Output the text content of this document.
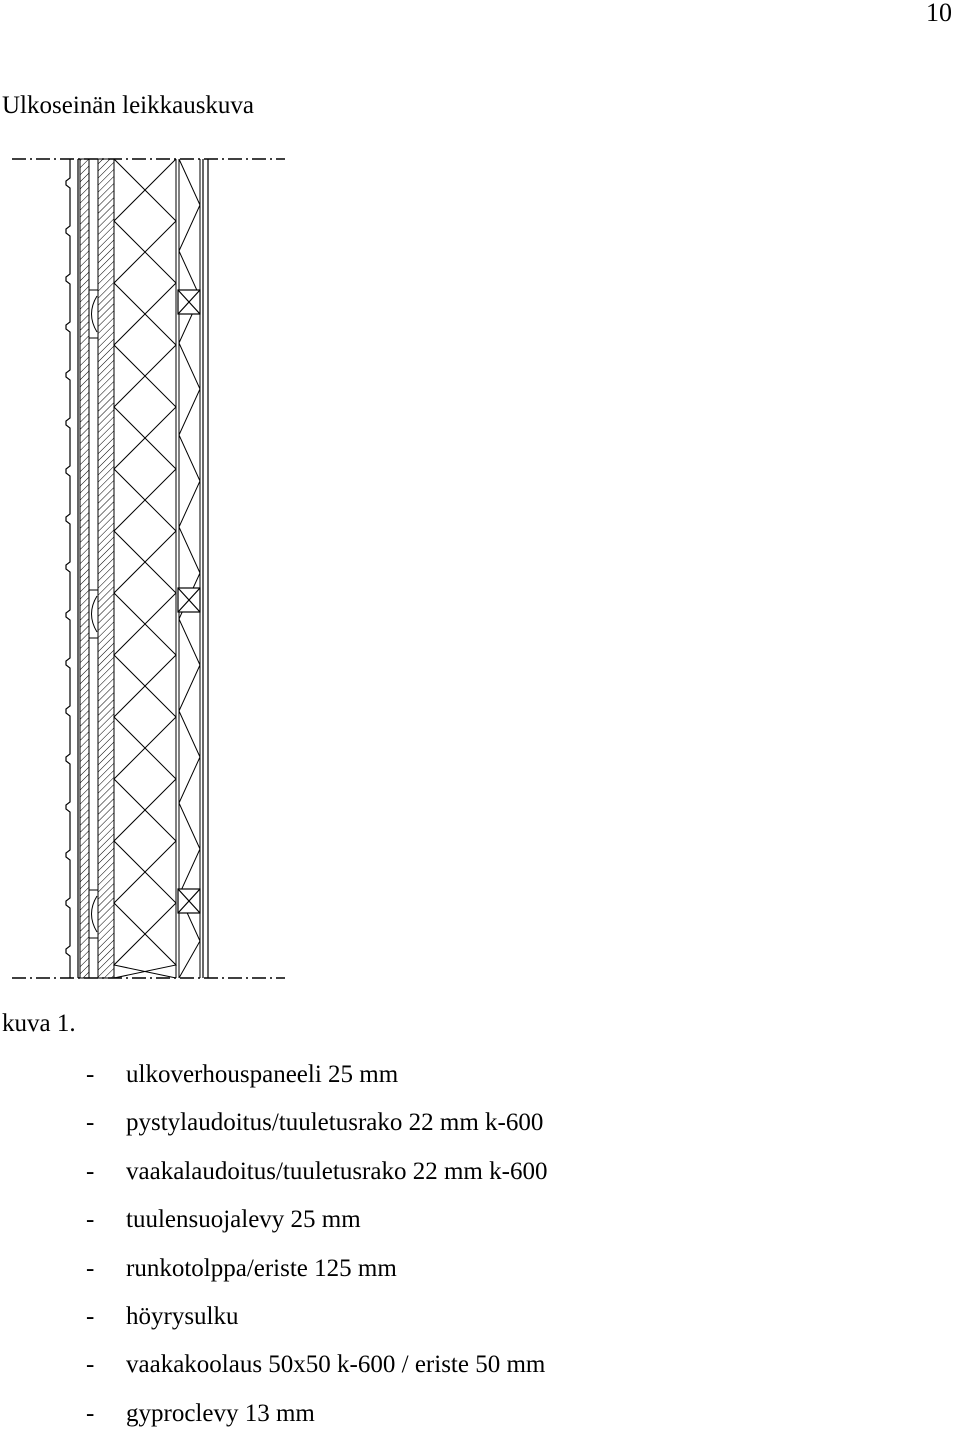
10
Ulkoseinän leikkauskuva
kuva 1.
- ulkoverhouspaneeli 25 mm
- pystylaudoitus/tuuletusrako 22 mm k-600
- vaakalaudoitus/tuuletusrako 22 mm k-600
- tuulensuojalevy 25 mm
- runkotolppa/eriste 125 mm
- höyrysulku
- vaakakoolaus 50x50 k-600 / eriste 50 mm
- gyproclevy 13 mm
